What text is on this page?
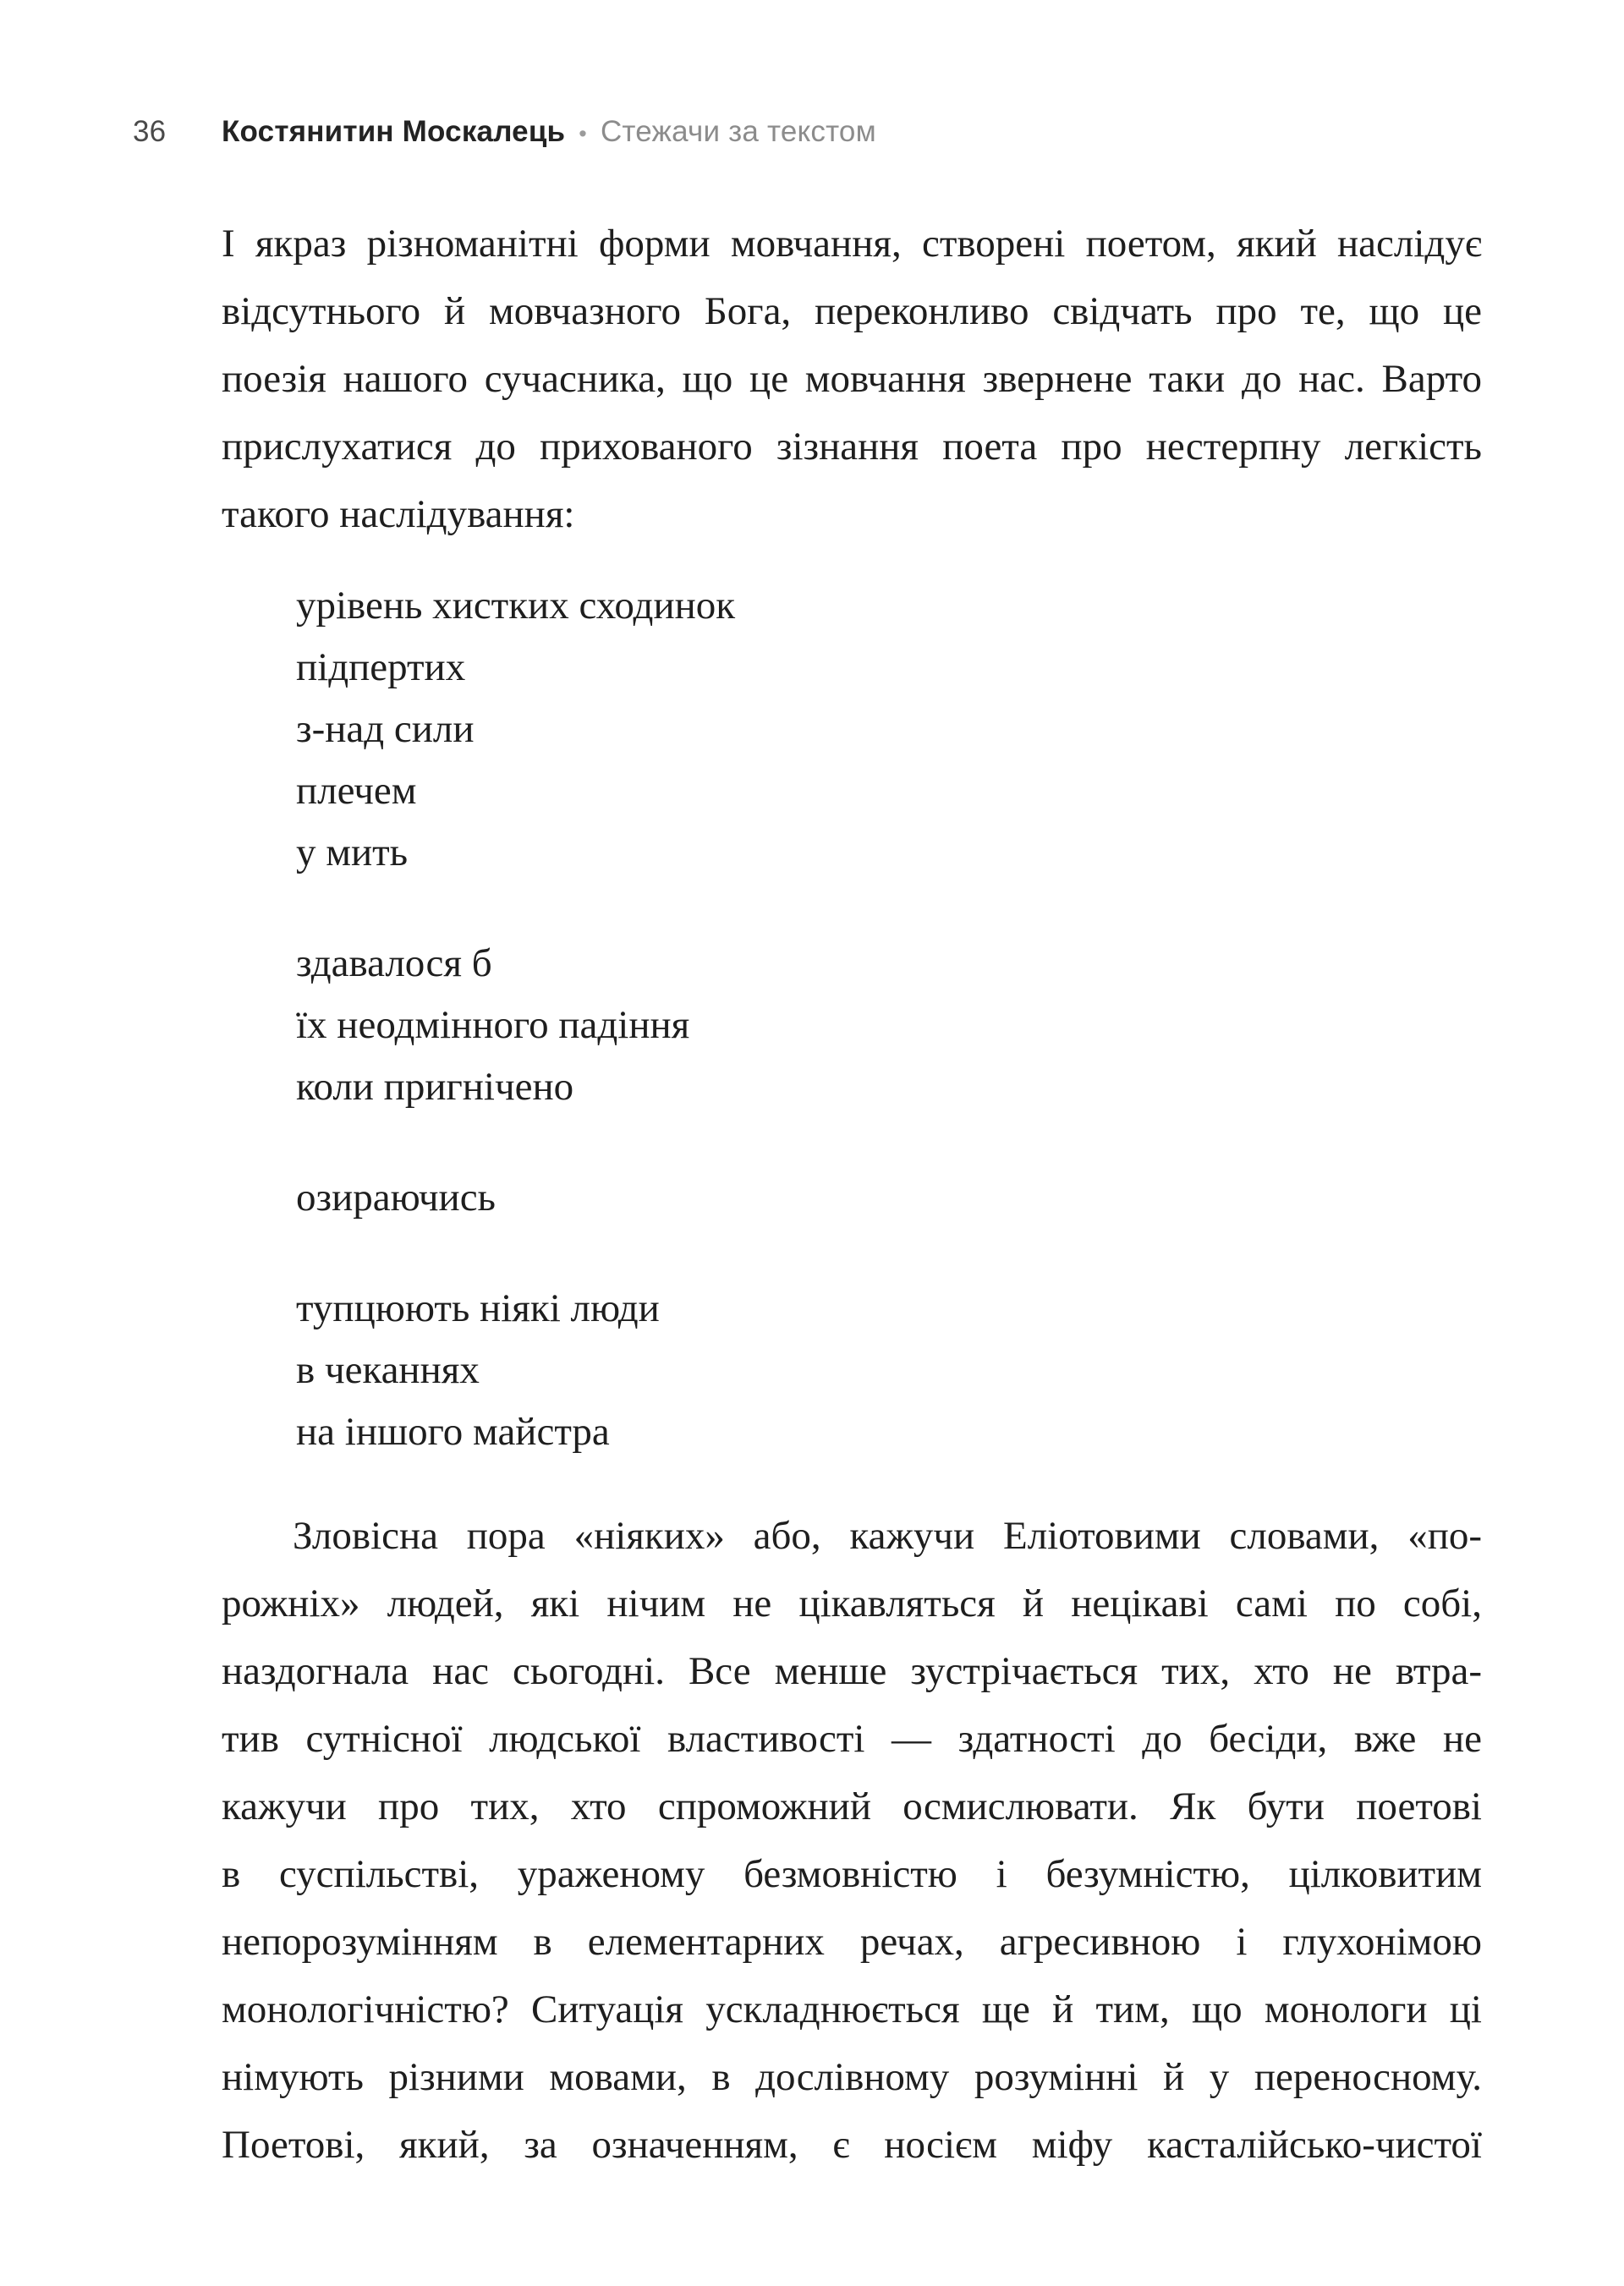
36	Костянитин Москалець • Стежачи за текстом
І якраз різноманітні форми мовчання, створені поетом, який наслідує
відсутнього й мовчазного Бога, переконливо свідчать про те, що це
поезія нашого сучасника, що це мовчання звернене таки до нас. Варто
прислухатися до прихованого зізнання поета про нестерпну легкість
такого наслідування:
урівень хистких сходинок
підпертих
з-над сили
плечем
у мить
здавалося б
їх неодмінного падіння
коли пригнічено
озираючись
тупцюють ніякі люди
в чеканнях
на іншого майстра
Зловісна пора «ніяких» або, кажучи Еліотовими словами, «по-
рожніх» людей, які нічим не цікавляться й нецікаві самі по собі,
наздогнала нас сьогодні. Все менше зустрічається тих, хто не втра-
тив сутнісної людської властивості — здатності до бесіди, вже не
кажучи про тих, хто спроможний осмислювати. Як бути поетові
в суспільстві, ураженому безмовністю і безумністю, цілковитим
непорозумінням в елементарних речах, агресивною і глухонімою
монологічністю? Ситуація ускладнюється ще й тим, що монологи ці
німують різними мовами, в дослівному розумінні й у переносному.
Поетові, який, за означенням, є носієм міфу касталійсько-чистої
